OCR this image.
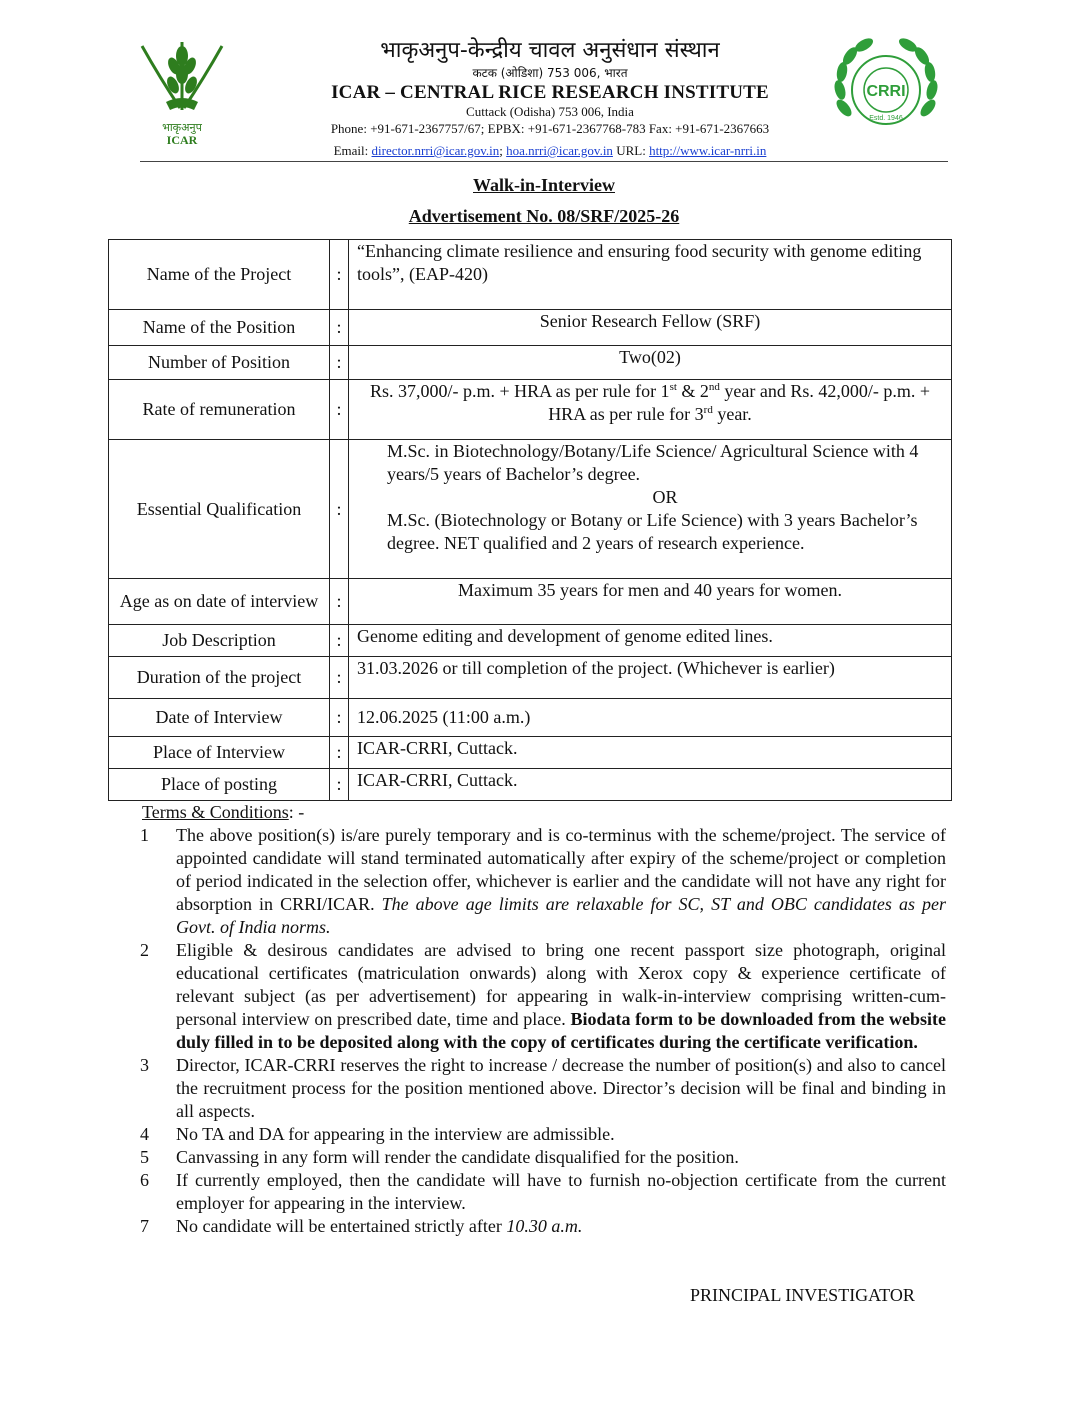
भाकृअनुप
ICAR
CRRI
Estd. 1946
भाकृअनुप-केन्द्रीय चावल अनुसंधान संस्थान
कटक (ओडिशा) 753 006, भारत
ICAR – CENTRAL RICE RESEARCH INSTITUTE
Cuttack (Odisha) 753 006, India
Phone: +91-671-2367757/67; EPBX: +91-671-2367768-783 Fax: +91-671-2367663
Email: director.nrri@icar.gov.in; hoa.nrri@icar.gov.in URL: http://www.icar-nrri.in
Walk-in-Interview
Advertisement No. 08/SRF/2025-26
Name of the Project	:	“Enhancing climate resilience and ensuring food security with genome editing tools”, (EAP-420)
Name of the Position	:	Senior Research Fellow (SRF)
Number of Position	:	Two(02)
Rate of remuneration	:	Rs. 37,000/- p.m. + HRA as per rule for 1st & 2nd year and Rs. 42,000/- p.m. + HRA as per rule for 3rd year.
Essential Qualification	:	M.Sc. in Biotechnology/Botany/Life Science/ Agricultural Science with 4 years/5 years of Bachelor’s degree.
OR
M.Sc. (Biotechnology or Botany or Life Science) with 3 years Bachelor’s degree. NET qualified and 2 years of research experience.

Age as on date of interview	:	Maximum 35 years for men and 40 years for women.
Job Description	:	Genome editing and development of genome edited lines.
Duration of the project	:	31.03.2026 or till completion of the project. (Whichever is earlier)
Date of Interview	:	12.06.2025 (11:00 a.m.)
Place of Interview	:	ICAR-CRRI, Cuttack.
Place of posting	:	ICAR-CRRI, Cuttack.
Terms & Conditions: -
1	The above position(s) is/are purely temporary and is co-terminus with the scheme/project. The service of appointed candidate will stand terminated automatically after expiry of the scheme/project or completion of period indicated in the selection offer, whichever is earlier and the candidate will not have any right for absorption in CRRI/ICAR. The above age limits are relaxable for SC, ST and OBC candidates as per Govt. of India norms.
2	Eligible & desirous candidates are advised to bring one recent passport size photograph, original educational certificates (matriculation onwards) along with Xerox copy & experience certificate of relevant subject (as per advertisement) for appearing in walk-in-interview comprising written-cum-personal interview on prescribed date, time and place. Biodata form to be downloaded from the website duly filled in to be deposited along with the copy of certificates during the certificate verification.
3	Director, ICAR-CRRI reserves the right to increase / decrease the number of position(s) and also to cancel the recruitment process for the position mentioned above. Director’s decision will be final and binding in all aspects.
4	No TA and DA for appearing in the interview are admissible.
5	Canvassing in any form will render the candidate disqualified for the position.
6	If currently employed, then the candidate will have to furnish no-objection certificate from the current employer for appearing in the interview.
7	No candidate will be entertained strictly after 10.30 a.m.
PRINCIPAL INVESTIGATOR
